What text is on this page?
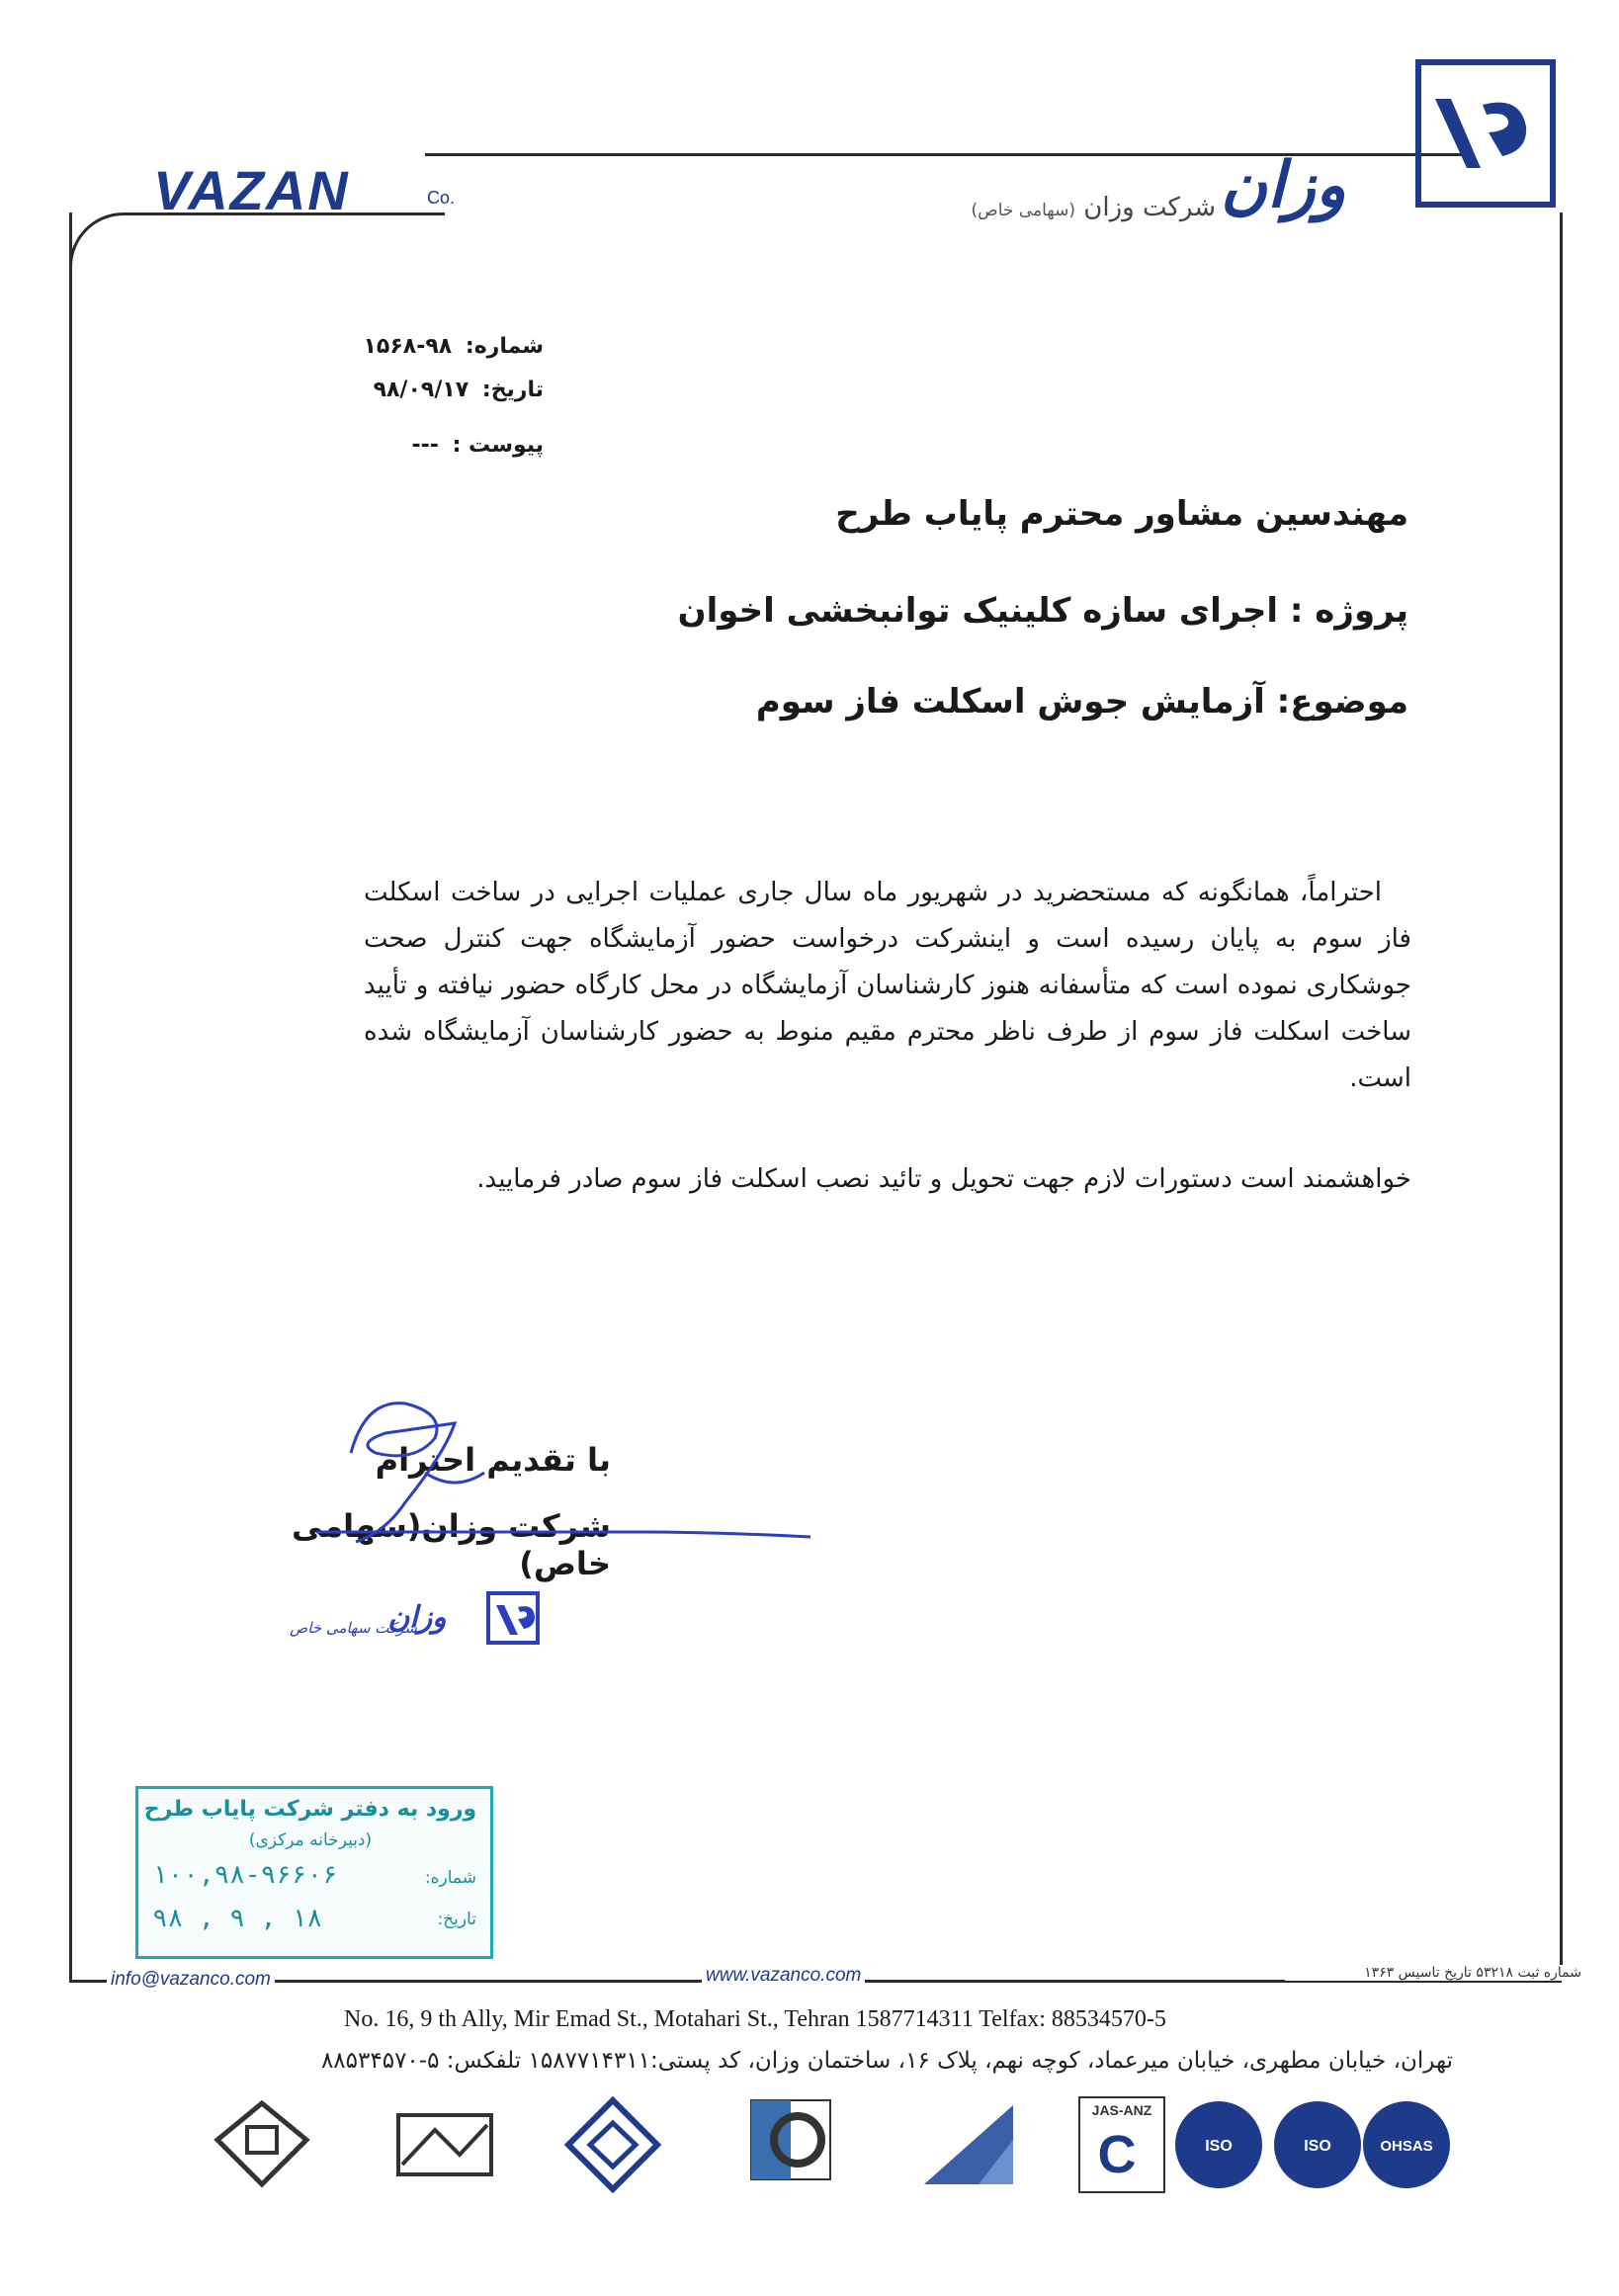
VAZAN	Co.	وزان
شرکت وزان (سهامی خاص)
شماره: ۹۸-۱۵۶۸
تاریخ: ۹۸/۰۹/۱۷
پیوست : ---
مهندسین مشاور محترم پایاب طرح
پروژه : اجرای سازه کلینیک توانبخشی اخوان
موضوع: آزمایش جوش اسکلت فاز سوم
احتراماً، همانگونه که مستحضرید در شهریور ماه سال جاری عملیات اجرایی در ساخت اسکلت فاز سوم به پایان رسیده است و اینشرکت درخواست حضور آزمایشگاه جهت کنترل صحت جوشکاری نموده است که متأسفانه هنوز کارشناسان آزمایشگاه در محل کارگاه حضور نیافته و تأیید ساخت اسکلت فاز سوم از طرف ناظر محترم مقیم منوط به حضور کارشناسان آزمایشگاه شده است.
خواهشمند است دستورات لازم جهت تحویل و تائید نصب اسکلت فاز سوم صادر فرمایید.
با تقدیم احترام
شرکت وزان(سهامی خاص)
وزان
شرکت سهامی خاص
ورود به دفتر شرکت پایاب طرح
(دبیرخانه مرکزی)
شماره:
۱۰۰,۹۸-۹۶۶۰۶
تاریخ:
۹۸ , ۹ , ۱۸
info@vazanco.com	www.vazanco.com	شماره ثبت ۵۳۲۱۸ تاریخ تاسیس ۱۳۶۳
No. 16, 9 th Ally, Mir Emad St., Motahari St., Tehran 1587714311 Telfax: 88534570-5
تهران، خیابان مطهری، خیابان میرعماد، کوچه نهم، پلاک ۱۶، ساختمان وزان، کد پستی:۱۵۸۷۷۱۴۳۱۱ تلفکس: ۵-۸۸۵۳۴۵۷۰
JAS-ANZ
C	ISO	ISO	OHSAS
